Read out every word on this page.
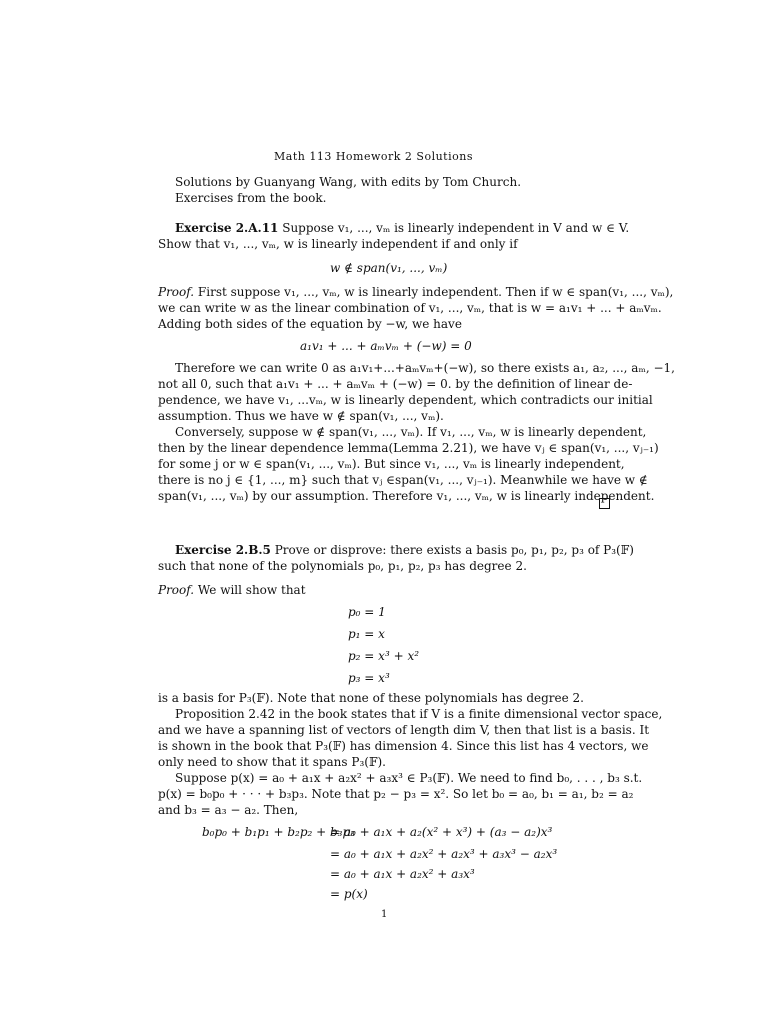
Math 113 Homework 2 Solutions
Solutions by Guanyang Wang, with edits by Tom Church.
Exercises from the book.
Exercise 2.A.11 Suppose v₁, ..., vₘ is linearly independent in V and w ∈ V.
Show that v₁, ..., vₘ, w is linearly independent if and only if
w ∉ span(v₁, ..., vₘ)
Proof. First suppose v₁, ..., vₘ, w is linearly independent. Then if w ∈ span(v₁, ..., vₘ),
we can write w as the linear combination of v₁, ..., vₘ, that is w = a₁v₁ + ... + aₘvₘ.
Adding both sides of the equation by −w, we have
a₁v₁ + ... + aₘvₘ + (−w) = 0
Therefore we can write 0 as a₁v₁+...+aₘvₘ+(−w), so there exists a₁, a₂, ..., aₘ, −1,
not all 0, such that a₁v₁ + ... + aₘvₘ + (−w) = 0. by the definition of linear de-
pendence, we have v₁, ...vₘ, w is linearly dependent, which contradicts our initial
assumption. Thus we have w ∉ span(v₁, ..., vₘ).
Conversely, suppose w ∉ span(v₁, ..., vₘ). If v₁, ..., vₘ, w is linearly dependent,
then by the linear dependence lemma(Lemma 2.21), we have vⱼ ∈ span(v₁, ..., vⱼ₋₁)
for some j or w ∈ span(v₁, ..., vₘ). But since v₁, ..., vₘ is linearly independent,
there is no j ∈ {1, ..., m} such that vⱼ ∈span(v₁, ..., vⱼ₋₁). Meanwhile we have w ∉
span(v₁, ..., vₘ) by our assumption. Therefore v₁, ..., vₘ, w is linearly independent.
Exercise 2.B.5 Prove or disprove: there exists a basis p₀, p₁, p₂, p₃ of P₃(𝔽)
such that none of the polynomials p₀, p₁, p₂, p₃ has degree 2.
Proof. We will show that
p₀ = 1
p₁ = x
p₂ = x³ + x²
p₃ = x³
is a basis for P₃(𝔽). Note that none of these polynomials has degree 2.
Proposition 2.42 in the book states that if V is a finite dimensional vector space,
and we have a spanning list of vectors of length dim V, then that list is a basis. It
is shown in the book that P₃(𝔽) has dimension 4. Since this list has 4 vectors, we
only need to show that it spans P₃(𝔽).
Suppose p(x) = a₀ + a₁x + a₂x² + a₃x³ ∈ P₃(𝔽). We need to find b₀, . . . , b₃ s.t.
p(x) = b₀p₀ + · · · + b₃p₃. Note that p₂ − p₃ = x². So let b₀ = a₀, b₁ = a₁, b₂ = a₂
and b₃ = a₃ − a₂. Then,
b₀p₀ + b₁p₁ + b₂p₂ + b₃p₃
= a₀ + a₁x + a₂(x² + x³) + (a₃ − a₂)x³
= a₀ + a₁x + a₂x² + a₂x³ + a₃x³ − a₂x³
= a₀ + a₁x + a₂x² + a₃x³
= p(x)
1
